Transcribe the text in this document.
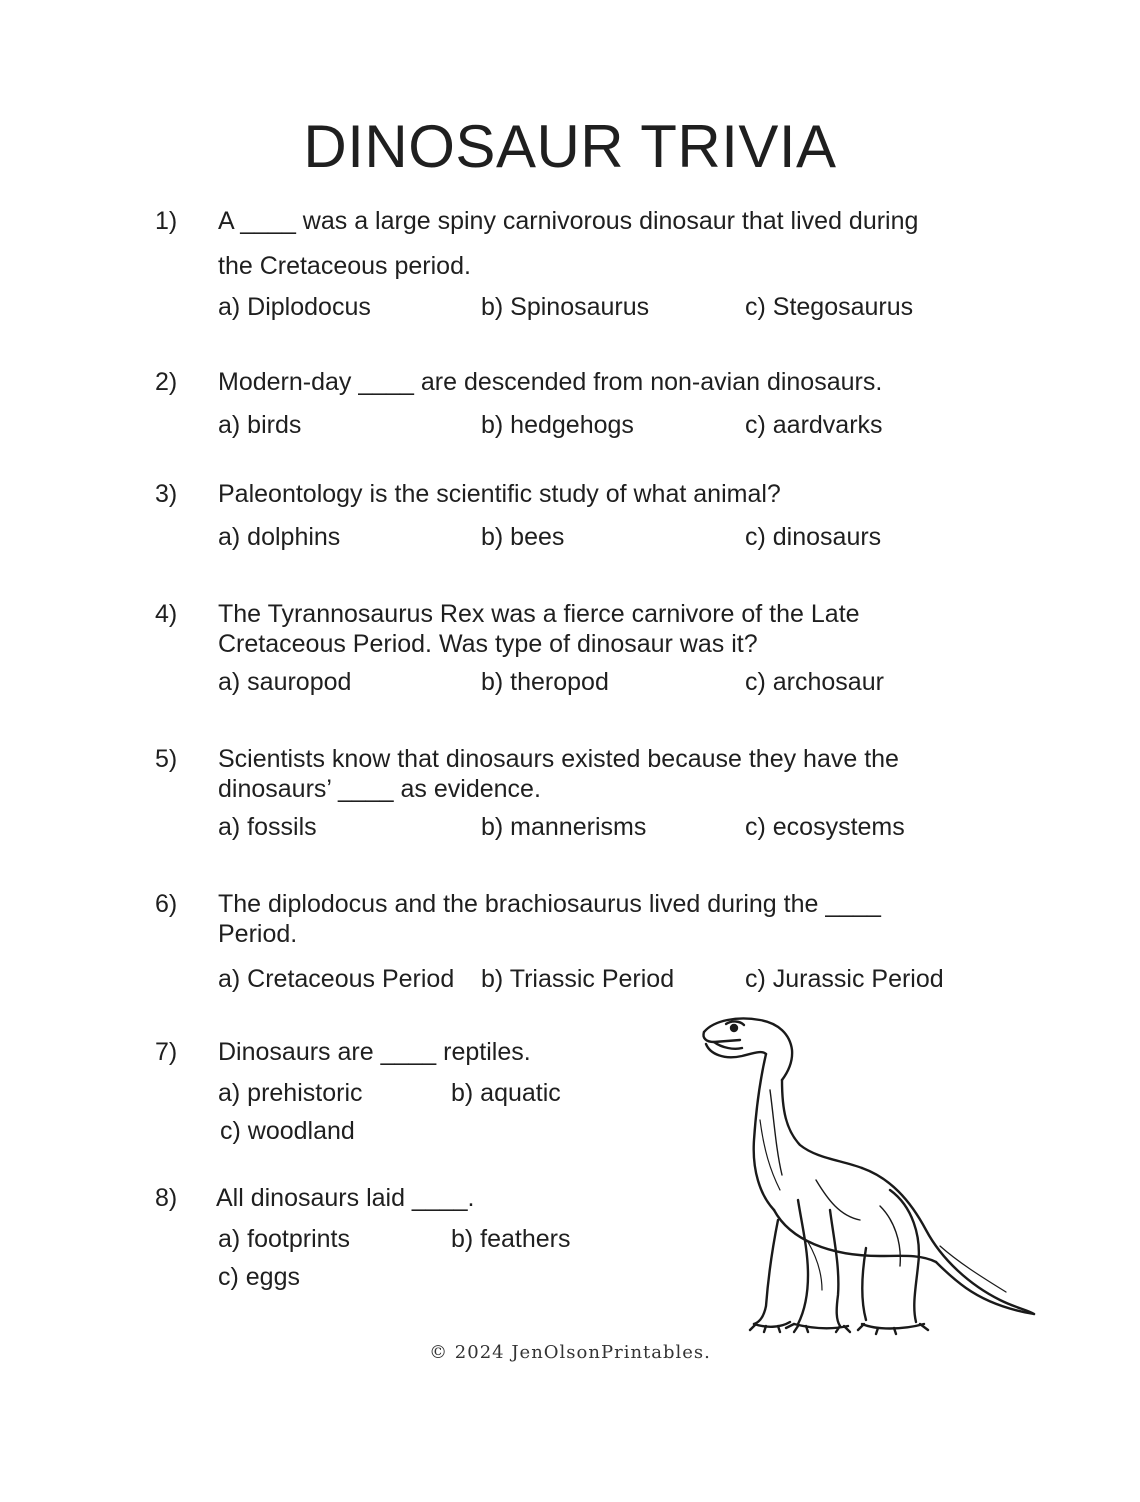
DINOSAUR TRIVIA
1) A ____ was a large spiny carnivorous dinosaur that lived during
the Cretaceous period.
a) Diplodocus	b) Spinosaurus	c) Stegosaurus
2) Modern-day ____ are descended from non-avian dinosaurs.
a) birds	b) hedgehogs	c) aardvarks
3) Paleontology is the scientific study of what animal?
a) dolphins	b) bees	c) dinosaurs
4) The Tyrannosaurus Rex was a fierce carnivore of the Late
Cretaceous Period. Was type of dinosaur was it?
a) sauropod	b) theropod	c) archosaur
5) Scientists know that dinosaurs existed because they have the
dinosaurs’ ____ as evidence.
a) fossils	b) mannerisms	c) ecosystems
6) The diplodocus and the brachiosaurus lived during the ____
Period.
a) Cretaceous Period b) Triassic Period	c) Jurassic Period
7) Dinosaurs are ____ reptiles.
a) prehistoric	b) aquatic
c) woodland
8) All dinosaurs laid ____.
a) footprints	b) feathers
c) eggs
© 2024 JenOlsonPrintables.
